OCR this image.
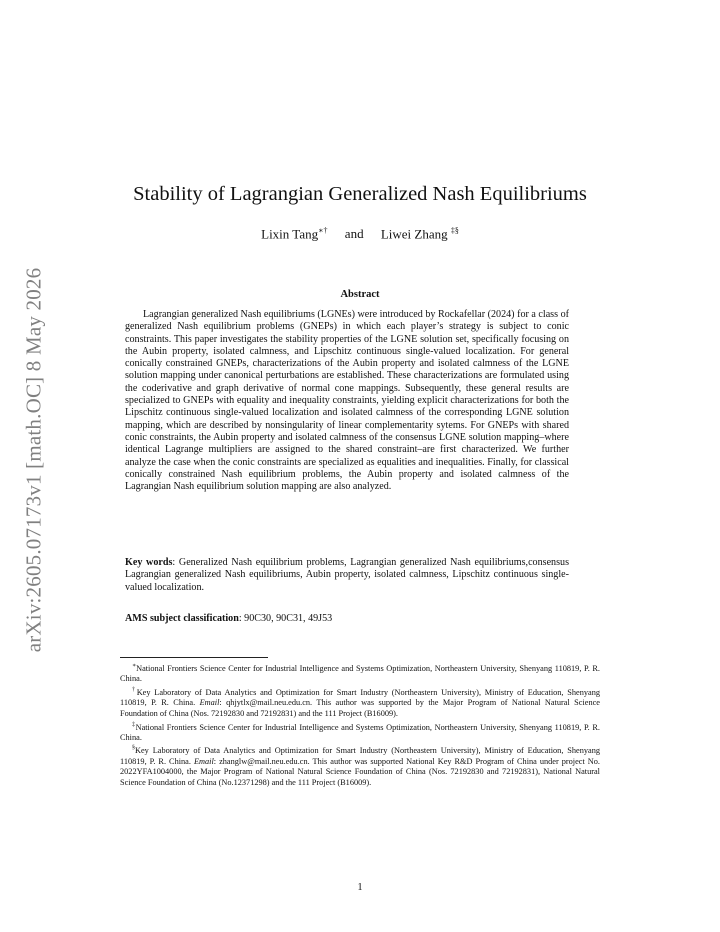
arXiv:2605.07173v1 [math.OC] 8 May 2026
Stability of Lagrangian Generalized Nash Equilibriums
Lixin Tang∗† and Liwei Zhang ‡§
Abstract
Lagrangian generalized Nash equilibriums (LGNEs) were introduced by Rockafellar (2024) for a class of generalized Nash equilibrium problems (GNEPs) in which each player’s strategy is subject to conic constraints. This paper investigates the stability properties of the LGNE solution set, specifically focusing on the Aubin property, isolated calmness, and Lipschitz continuous single-valued localization. For general conically constrained GNEPs, characterizations of the Aubin property and isolated calmness of the LGNE solution mapping under canonical perturbations are established. These characterizations are formulated using the coderivative and graph derivative of normal cone mappings. Subsequently, these general results are specialized to GNEPs with equality and inequality constraints, yielding explicit characterizations for both the Lipschitz continuous single-valued localization and isolated calmness of the corresponding LGNE solution mapping, which are described by nonsingularity of linear complementarity sytems. For GNEPs with shared conic constraints, the Aubin property and isolated calmness of the consensus LGNE solution mapping–where identical Lagrange multipliers are assigned to the shared constraint–are first characterized. We further analyze the case when the conic constraints are specialized as equalities and inequalities. Finally, for classical conically constrained Nash equilibrium problems, the Aubin property and isolated calmness of the Lagrangian Nash equilibrium solution mapping are also analyzed.
Key words: Generalized Nash equilibrium problems, Lagrangian generalized Nash equilibriums,consensus Lagrangian generalized Nash equilibriums, Aubin property, isolated calmness, Lipschitz continuous single-valued localization.
AMS subject classification: 90C30, 90C31, 49J53

∗National Frontiers Science Center for Industrial Intelligence and Systems Optimization, Northeastern University, Shenyang 110819, P. R. China.

†Key Laboratory of Data Analytics and Optimization for Smart Industry (Northeastern University), Ministry of Education, Shenyang 110819, P. R. China. Email: qhjytlx@mail.neu.edu.cn. This author was supported by the Major Program of National Natural Science Foundation of China (Nos. 72192830 and 72192831) and the 111 Project (B16009).

‡National Frontiers Science Center for Industrial Intelligence and Systems Optimization, Northeastern University, Shenyang 110819, P. R. China.

§Key Laboratory of Data Analytics and Optimization for Smart Industry (Northeastern University), Ministry of Education, Shenyang 110819, P. R. China. Email: zhanglw@mail.neu.edu.cn. This author was supported National Key R&D Program of China under project No. 2022YFA1004000, the Major Program of National Natural Science Foundation of China (Nos. 72192830 and 72192831), National Natural Science Foundation of China (No.12371298) and the 111 Project (B16009).

1
